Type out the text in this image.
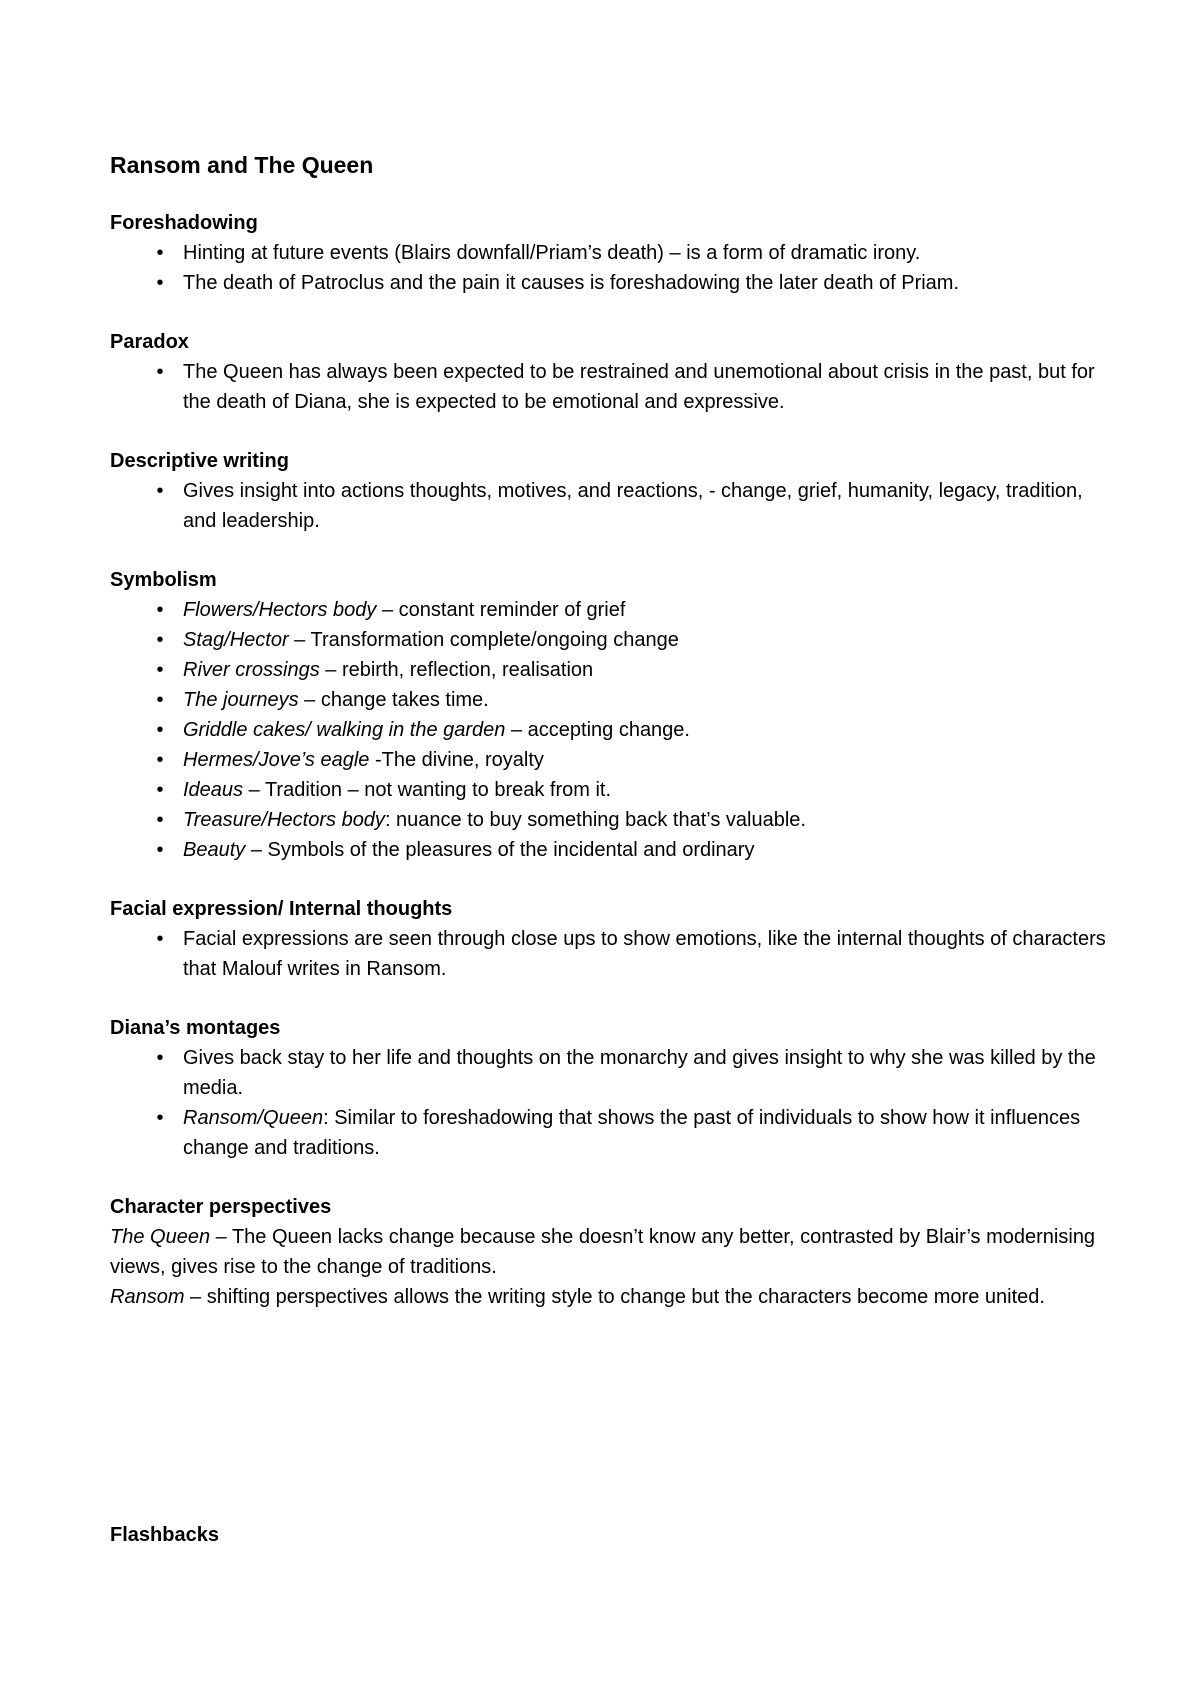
Ransom and The Queen
Foreshadowing
• Hinting at future events (Blairs downfall/Priam’s death) – is a form of dramatic irony.
• The death of Patroclus and the pain it causes is foreshadowing the later death of Priam.
Paradox
• The Queen has always been expected to be restrained and unemotional about crisis in the past, but for the death of Diana, she is expected to be emotional and expressive.
Descriptive writing
• Gives insight into actions thoughts, motives, and reactions, - change, grief, humanity, legacy, tradition, and leadership.
Symbolism
• Flowers/Hectors body – constant reminder of grief
• Stag/Hector – Transformation complete/ongoing change
• River crossings – rebirth, reflection, realisation
• The journeys – change takes time.
• Griddle cakes/ walking in the garden – accepting change.
• Hermes/Jove’s eagle -The divine, royalty
• Ideaus – Tradition – not wanting to break from it.
• Treasure/Hectors body: nuance to buy something back that’s valuable.
• Beauty – Symbols of the pleasures of the incidental and ordinary
Facial expression/ Internal thoughts
• Facial expressions are seen through close ups to show emotions, like the internal thoughts of characters that Malouf writes in Ransom.
Diana’s montages
• Gives back stay to her life and thoughts on the monarchy and gives insight to why she was killed by the media.
• Ransom/Queen: Similar to foreshadowing that shows the past of individuals to show how it influences change and traditions.
Character perspectives

The Queen – The Queen lacks change because she doesn’t know any better, contrasted by Blair’s modernising views, gives rise to the change of traditions.

Ransom – shifting perspectives allows the writing style to change but the characters become more united.

Flashbacks
